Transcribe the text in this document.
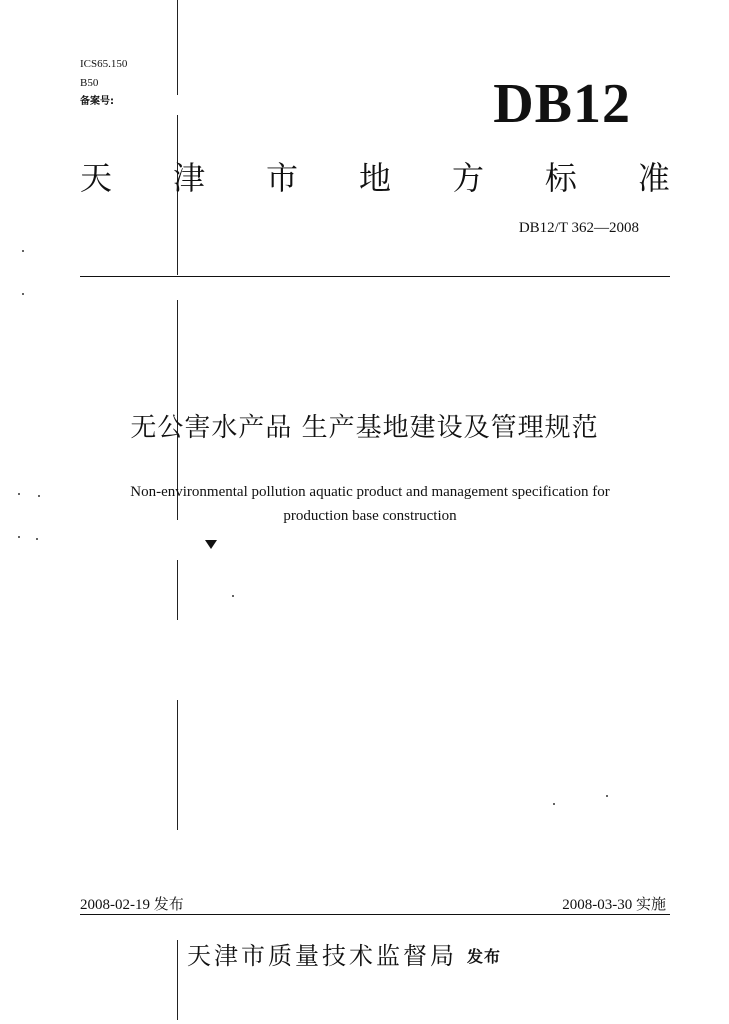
ICS65.150
B50
备案号:	DB12
天 津 市 地 方 标 准
DB12/T 362—2008
无公害水产品 生产基地建设及管理规范
Non-environmental pollution aquatic product and management specification for
production base construction
2008-02-19 发布	2008-03-30 实施
天津市质量技术监督局 发布
